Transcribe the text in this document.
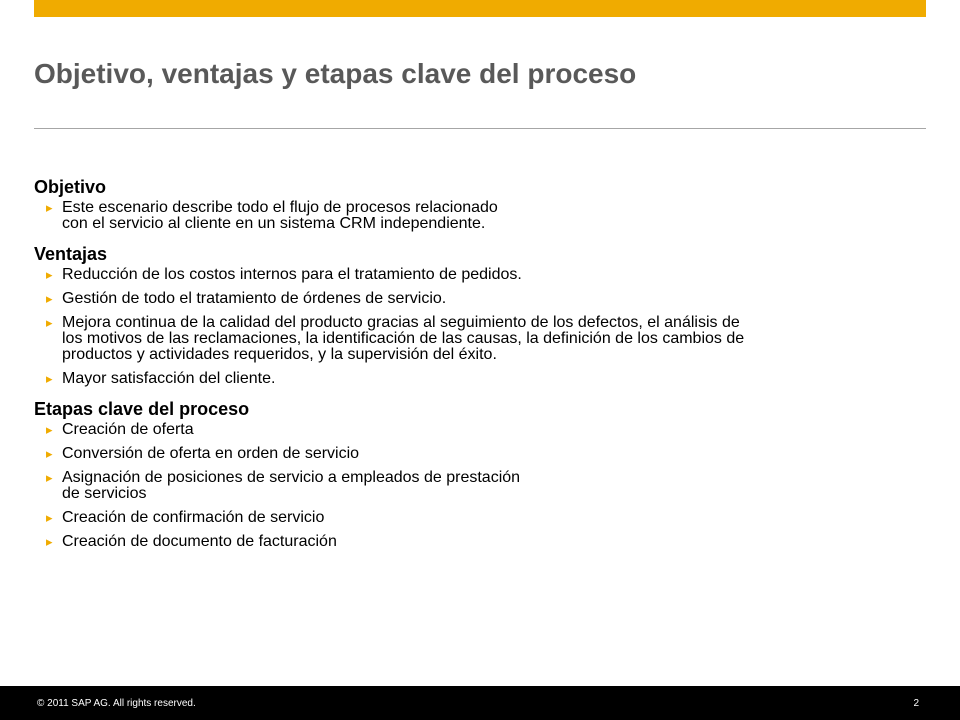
Objetivo, ventajas y etapas clave del proceso
Objetivo
▸ Este escenario describe todo el flujo de procesos relacionado
con el servicio al cliente en un sistema CRM independiente.
Ventajas
▸ Reducción de los costos internos para el tratamiento de pedidos.
▸ Gestión de todo el tratamiento de órdenes de servicio.
▸ Mejora continua de la calidad del producto gracias al seguimiento de los defectos, el análisis de
los motivos de las reclamaciones, la identificación de las causas, la definición de los cambios de
productos y actividades requeridos, y la supervisión del éxito.
▸ Mayor satisfacción del cliente.
Etapas clave del proceso
▸ Creación de oferta
▸ Conversión de oferta en orden de servicio
▸ Asignación de posiciones de servicio a empleados de prestación
de servicios
▸ Creación de confirmación de servicio
▸ Creación de documento de facturación
© 2011 SAP AG. All rights reserved.	2
